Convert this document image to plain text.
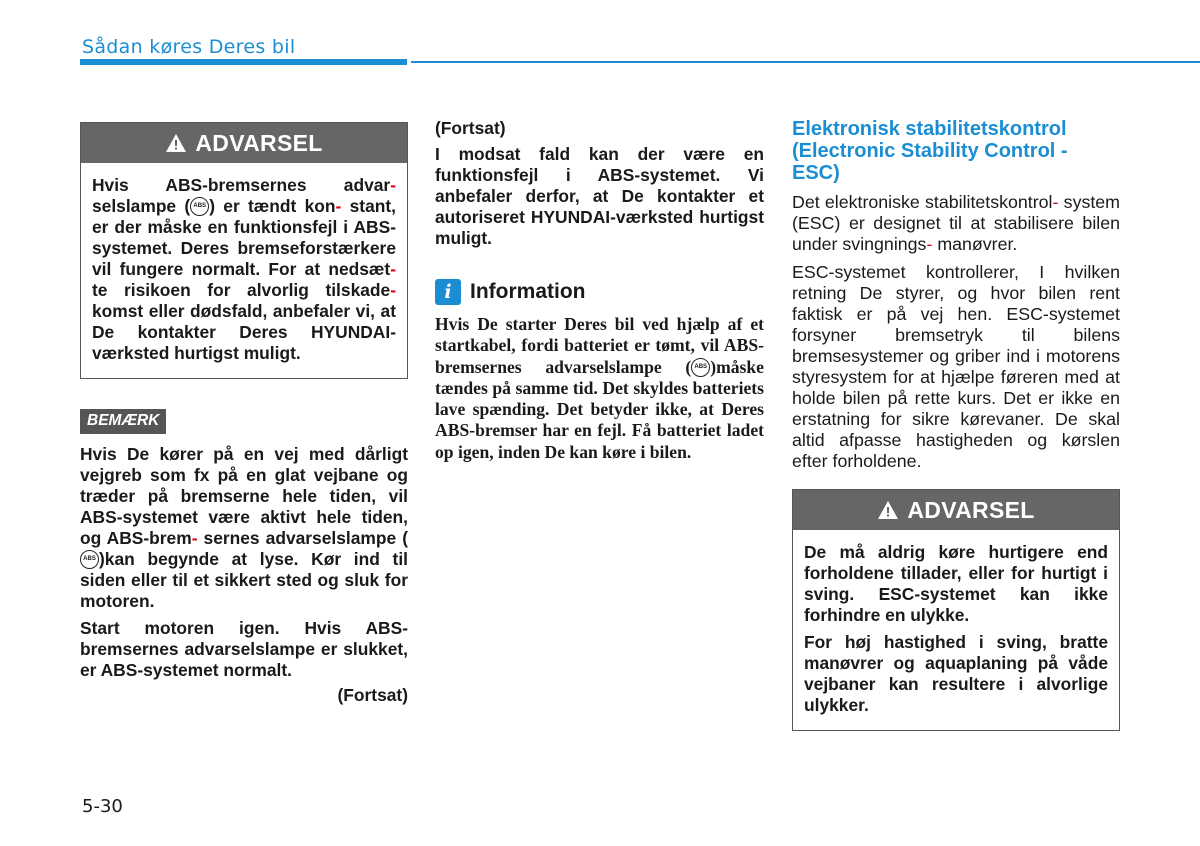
Sådan køres Deres bil
ADVARSEL

Hvis ABS-bremsernes advar- selslampe ( ABS ) er tændt kon- stant, er der måske en funktionsfejl i ABS-systemet. Deres bremseforstærkere vil fungere normalt. For at nedsæt- te risikoen for alvorlig tilskade- komst eller dødsfald, anbefaler vi, at De kontakter Deres HYUNDAI-værksted hurtigst muligt.

BEMÆRK

Hvis De kører på en vej med dårligt vejgreb som fx på en glat vejbane og træder på bremserne hele tiden, vil ABS-systemet være aktivt hele tiden, og ABS-brem- sernes advarselslampe (ABS)kan begynde at lyse. Kør ind til siden eller til et sikkert sted og sluk for motoren.

Start motoren igen. Hvis ABS-bremsernes advarselslampe er slukket, er ABS-systemet normalt.

(Fortsat)

(Fortsat)

I modsat fald kan der være en funktionsfejl i ABS-systemet. Vi anbefaler derfor, at De kontakter et autoriseret HYUNDAI-værksted hurtigst muligt.

i Information

Hvis De starter Deres bil ved hjælp af et startkabel, fordi batteriet er tømt, vil ABS-bremsernes advarselslampe ( ABS )måske tændes på samme tid. Det skyldes batteriets lave spænding. Det betyder ikke, at Deres ABS-bremser har en fejl. Få batteriet ladet op igen, inden De kan køre i bilen.

Elektronisk stabilitetskontrol (Electronic Stability Control - ESC)

Det elektroniske stabilitetskontrol- system (ESC) er designet til at stabilisere bilen under svingnings- manøvrer.

ESC-systemet kontrollerer, I hvilken retning De styrer, og hvor bilen rent faktisk er på vej hen. ESC-systemet forsyner bremsetryk til bilens bremsesystemer og griber ind i motorens styresystem for at hjælpe føreren med at holde bilen på rette kurs. Det er ikke en erstatning for sikre kørevaner. De skal altid afpasse hastigheden og kørslen efter forholdene.

ADVARSEL

De må aldrig køre hurtigere end forholdene tillader, eller for hurtigt i sving. ESC-systemet kan ikke forhindre en ulykke.

For høj hastighed i sving, bratte manøvrer og aquaplaning på våde vejbaner kan resultere i alvorlige ulykker.

5-30
